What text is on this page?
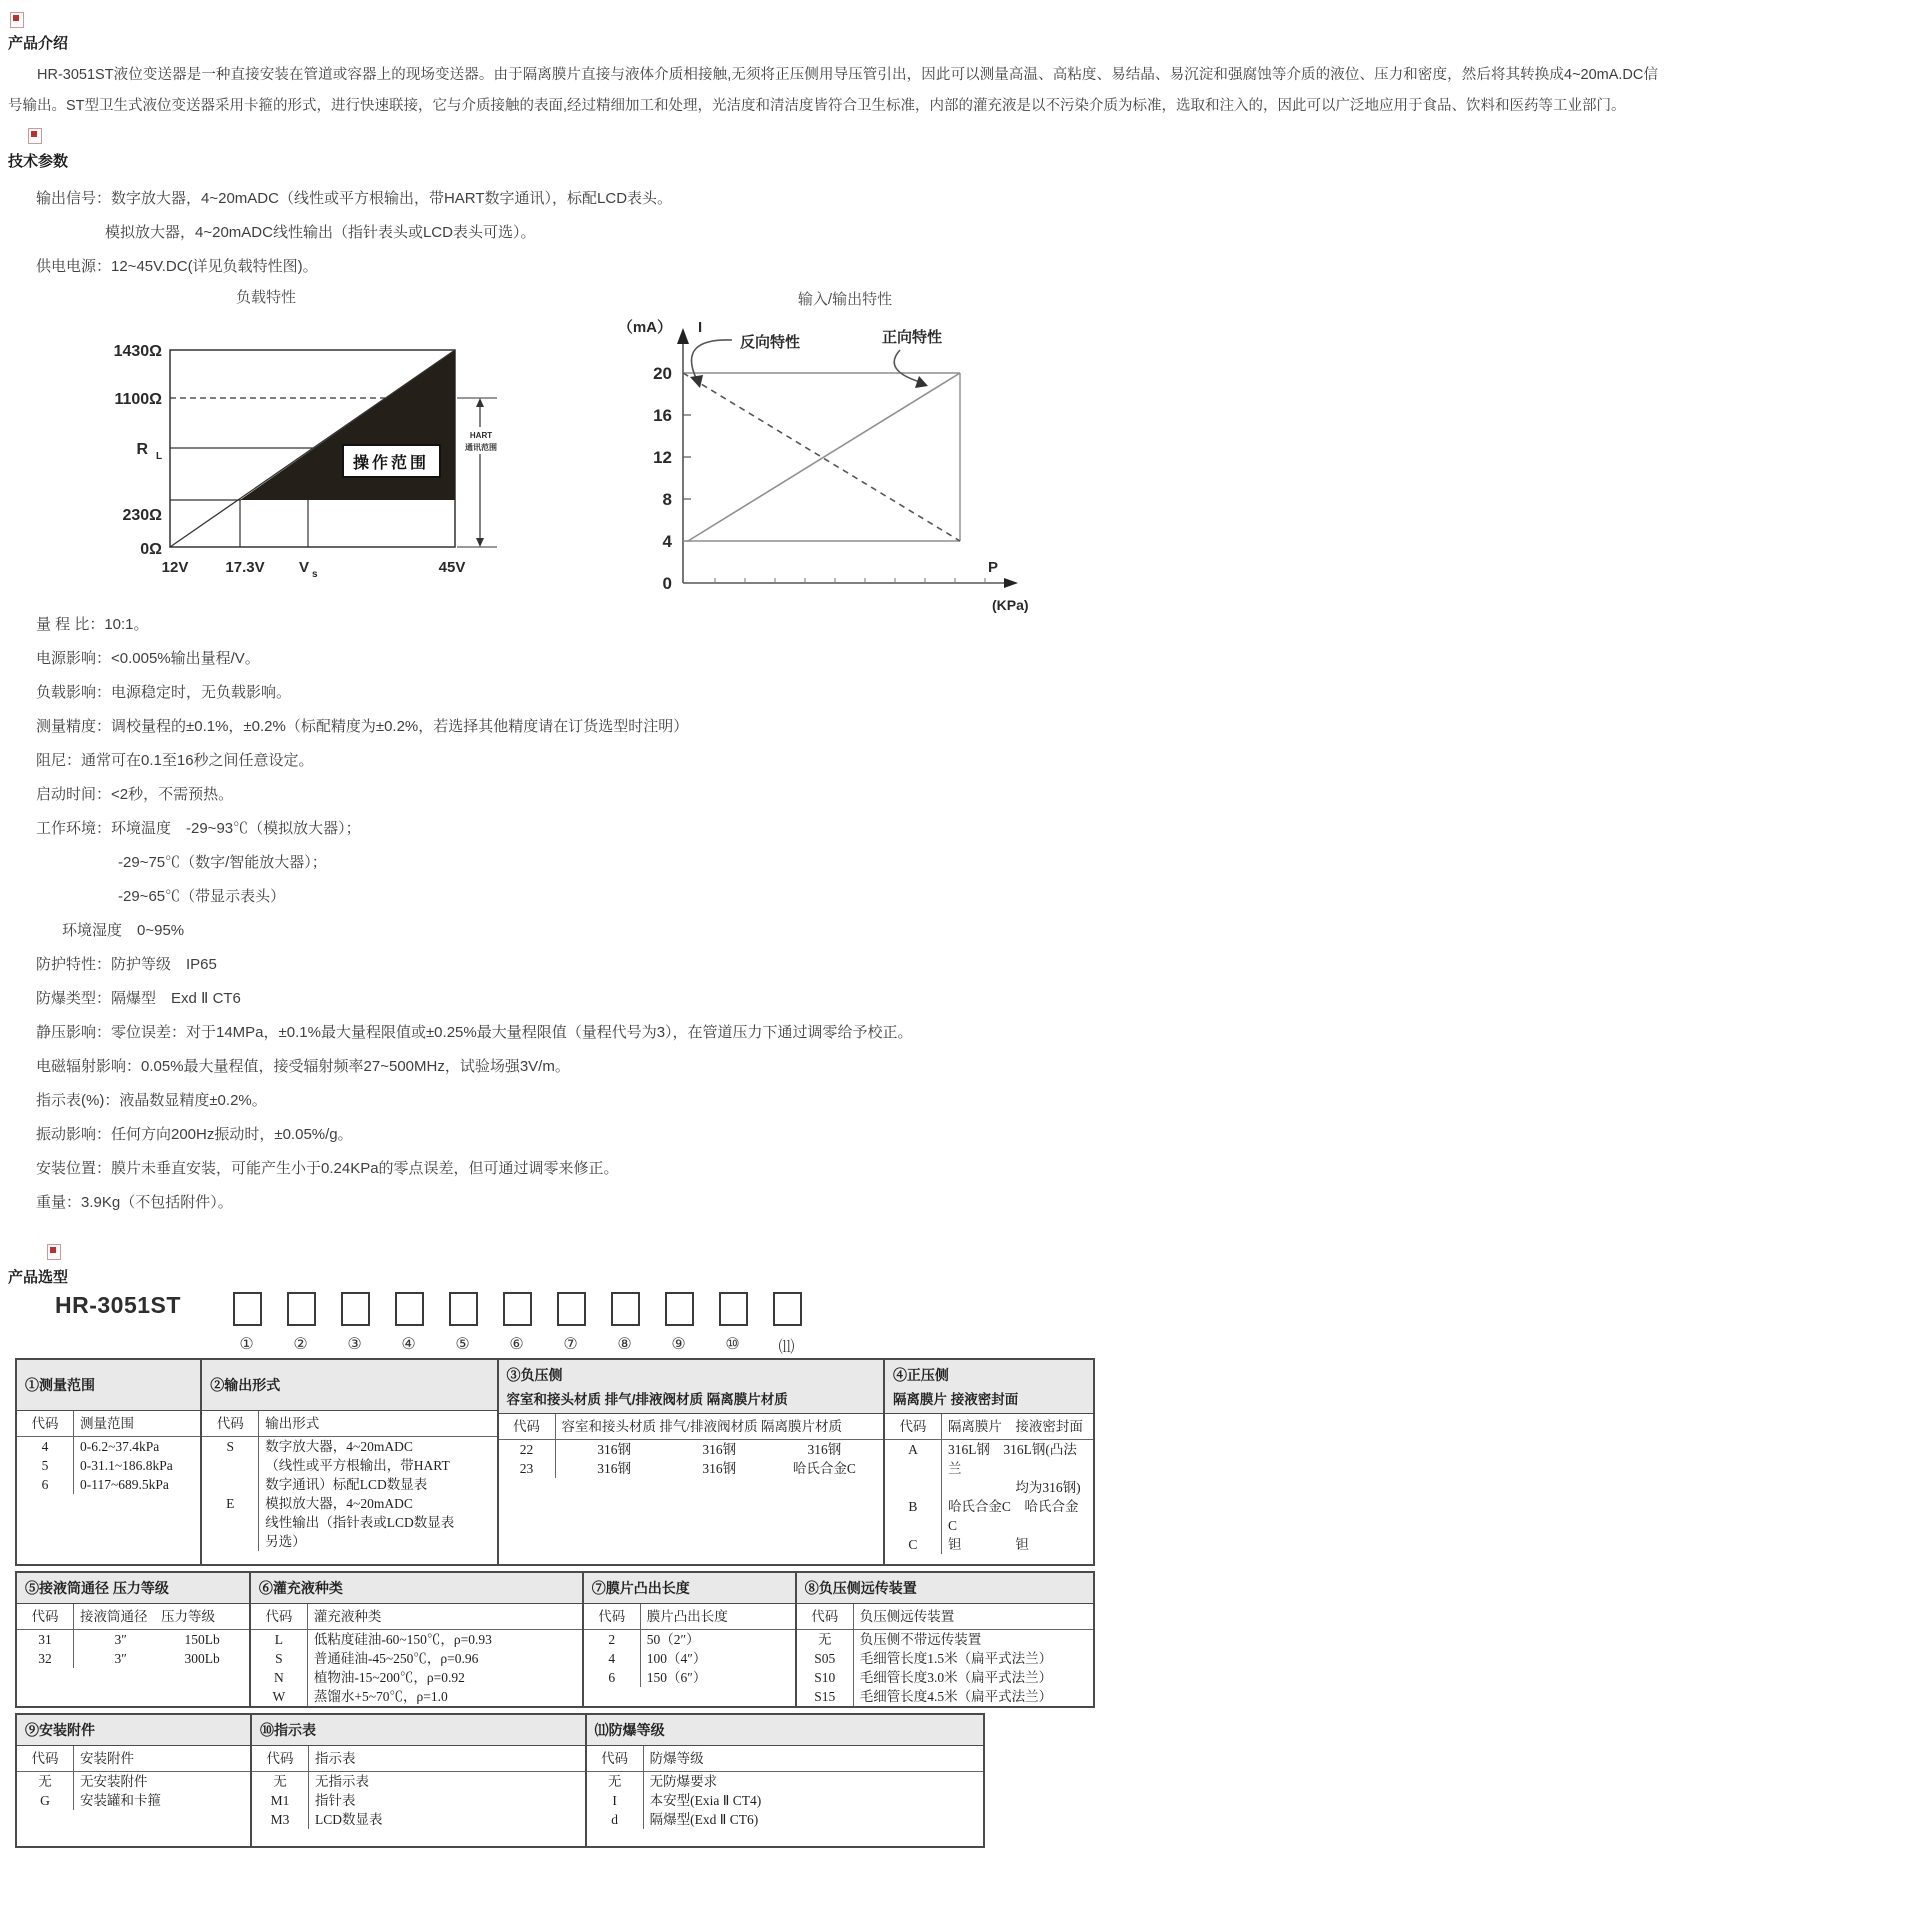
产品介绍
HR-3051ST液位变送器是一种直接安装在管道或容器上的现场变送器。由于隔离膜片直接与液体介质相接触,无须将正压侧用导压管引出，因此可以测量高温、高粘度、易结晶、易沉淀和强腐蚀等介质的液位、压力和密度，然后将其转换成4~20mA.DC信号输出。ST型卫生式液位变送器采用卡箍的形式，进行快速联接，它与介质接触的表面,经过精细加工和处理，光洁度和清洁度皆符合卫生标准，内部的灌充液是以不污染介质为标准，选取和注入的，因此可以广泛地应用于食品、饮料和医药等工业部门。

技术参数
输出信号：数字放大器，4~20mADC（线性或平方根输出，带HART数字通讯），标配LCD表头。
模拟放大器，4~20mADC线性输出（指针表头或LCD表头可选）。
供电电源：12~45V.DC(详见负载特性图)。
负载特性
1430Ω
1100Ω
R L
230Ω
0Ω
12V 17.3V V s	45V
操作范围
HART
通讯范围
输入/输出特性
（mA） I
P
(KPa)
20
16
12
8
4
0
反向特性	正向特性
量 程 比：10:1。
电源影响：<0.005%输出量程/V。
负载影响：电源稳定时，无负载影响。
测量精度：调校量程的±0.1%，±0.2%（标配精度为±0.2%，若选择其他精度请在订货选型时注明）
阻尼：通常可在0.1至16秒之间任意设定。
启动时间：<2秒，不需预热。
工作环境：环境温度　-29~93℃（模拟放大器）；
-29~75℃（数字/智能放大器）；
-29~65℃（带显示表头）
环境湿度　0~95%
防护特性：防护等级　IP65
防爆类型：隔爆型　Exd Ⅱ CT6
静压影响：零位误差：对于14MPa，±0.1%最大量程限值或±0.25%最大量程限值（量程代号为3），在管道压力下通过调零给予校正。
电磁辐射影响：0.05%最大量程值，接受辐射频率27~500MHz，试验场强3V/m。
指示表(%)：液晶数显精度±0.2%。
振动影响：任何方向200Hz振动时，±0.05%/g。
安装位置：膜片未垂直安装，可能产生小于0.24KPa的零点误差，但可通过调零来修正。
重量：3.9Kg（不包括附件）。
产品选型
HR-3051ST
①	②	③	④	⑤	⑥	⑦	⑧	⑨	⑩	⑾
①测量范围
代码	测量范围
4	0-6.2~37.4kPa
5	0-31.1~186.8kPa
6	0-117~689.5kPa
②输出形式
代码	输出形式
S	数字放大器，4~20mADC
（线性或平方根输出，带HART
数字通讯）标配LCD数显表
E	模拟放大器，4~20mADC
线性输出（指针表或LCD数显表
另选）
③负压侧
容室和接头材质 排气/排液阀材质 隔离膜片材质
代码	容室和接头材质 排气/排液阀材质 隔离膜片材质
22	316钢	316钢	316钢
23	316钢	316钢	哈氏合金C
④正压侧
隔离膜片 接液密封面
代码	隔离膜片　接液密封面
A	316L钢　316L钢(凸法兰
　　　　　均为316钢)
B	哈氏合金C　哈氏合金C
C	钽　　　　钽
⑤接液筒通径 压力等级
代码	接液筒通径　压力等级
31	3″	150Lb
32	3″	300Lb
⑥灌充液种类
代码	灌充液种类
L	低粘度硅油-60~150℃，ρ=0.93
S	普通硅油-45~250℃，ρ=0.96
N	植物油-15~200℃，ρ=0.92
W	蒸馏水+5~70℃，ρ=1.0
⑦膜片凸出长度
代码	膜片凸出长度
2	50（2″）
4	100（4″）
6	150（6″）
⑧负压侧远传装置
代码	负压侧远传装置
无	负压侧不带远传装置
S05	毛细管长度1.5米（扁平式法兰）
S10	毛细管长度3.0米（扁平式法兰）
S15	毛细管长度4.5米（扁平式法兰）
⑨安装附件
代码	安装附件
无	无安装附件
G	安装罐和卡箍
⑩指示表
代码	指示表
无	无指示表
M1	指针表
M3	LCD数显表
⑾防爆等级
代码	防爆等级
无	无防爆要求
I	本安型(Exia Ⅱ CT4)
d	隔爆型(Exd Ⅱ CT6)
